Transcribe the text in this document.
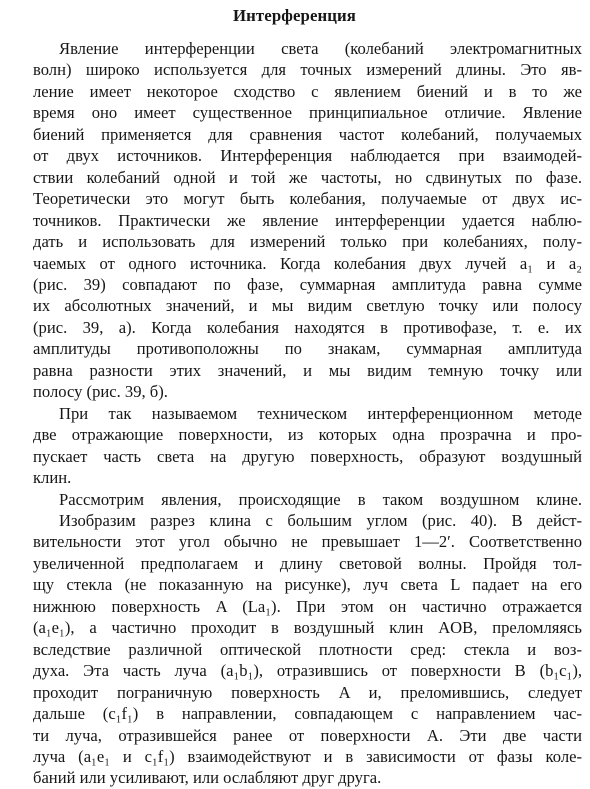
Интерференция
Явление интерференции света (колебаний электромагнитных
волн) широко используется для точных измерений длины. Это яв-
ление имеет некоторое сходство с явлением биений и в то же
время оно имеет существенное принципиальное отличие. Явление
биений применяется для сравнения частот колебаний, получаемых
от двух источников. Интерференция наблюдается при взаимодей-
ствии колебаний одной и той же частоты, но сдвинутых по фазе.
Теоретически это могут быть колебания, получаемые от двух ис-
точников. Практически же явление интерференции удается наблю-
дать и использовать для измерений только при колебаниях, полу-
чаемых от одного источника. Когда колебания двух лучей a₁ и a₂
(рис. 39) совпадают по фазе, суммарная амплитуда равна сумме
их абсолютных значений, и мы видим светлую точку или полосу
(рис. 39, а). Когда колебания находятся в противофазе, т. е. их
амплитуды противоположны по знакам, суммарная амплитуда
равна разности этих значений, и мы видим темную точку или
полосу (рис. 39, б).
При так называемом техническом интерференционном методе
две отражающие поверхности, из которых одна прозрачна и про-
пускает часть света на другую поверхность, образуют воздушный
клин.
Рассмотрим явления, происходящие в таком воздушном клине.
Изобразим разрез клина с большим углом (рис. 40). В дейст-
вительности этот угол обычно не превышает 1—2′. Соответственно
увеличенной предполагаем и длину световой волны. Пройдя тол-
щу стекла (не показанную на рисунке), луч света L падает на его
нижнюю поверхность A (La₁). При этом он частично отражается
(a₁e₁), а частично проходит в воздушный клин AOB, преломляясь
вследствие различной оптической плотности сред: стекла и воз-
духа. Эта часть луча (a₁b₁), отразившись от поверхности B (b₁c₁),
проходит пограничную поверхность A и, преломившись, следует
дальше (c₁f₁) в направлении, совпадающем с направлением час-
ти луча, отразившейся ранее от поверхности A. Эти две части
луча (a₁e₁ и c₁f₁) взаимодействуют и в зависимости от фазы коле-
баний или усиливают, или ослабляют друг друга.
